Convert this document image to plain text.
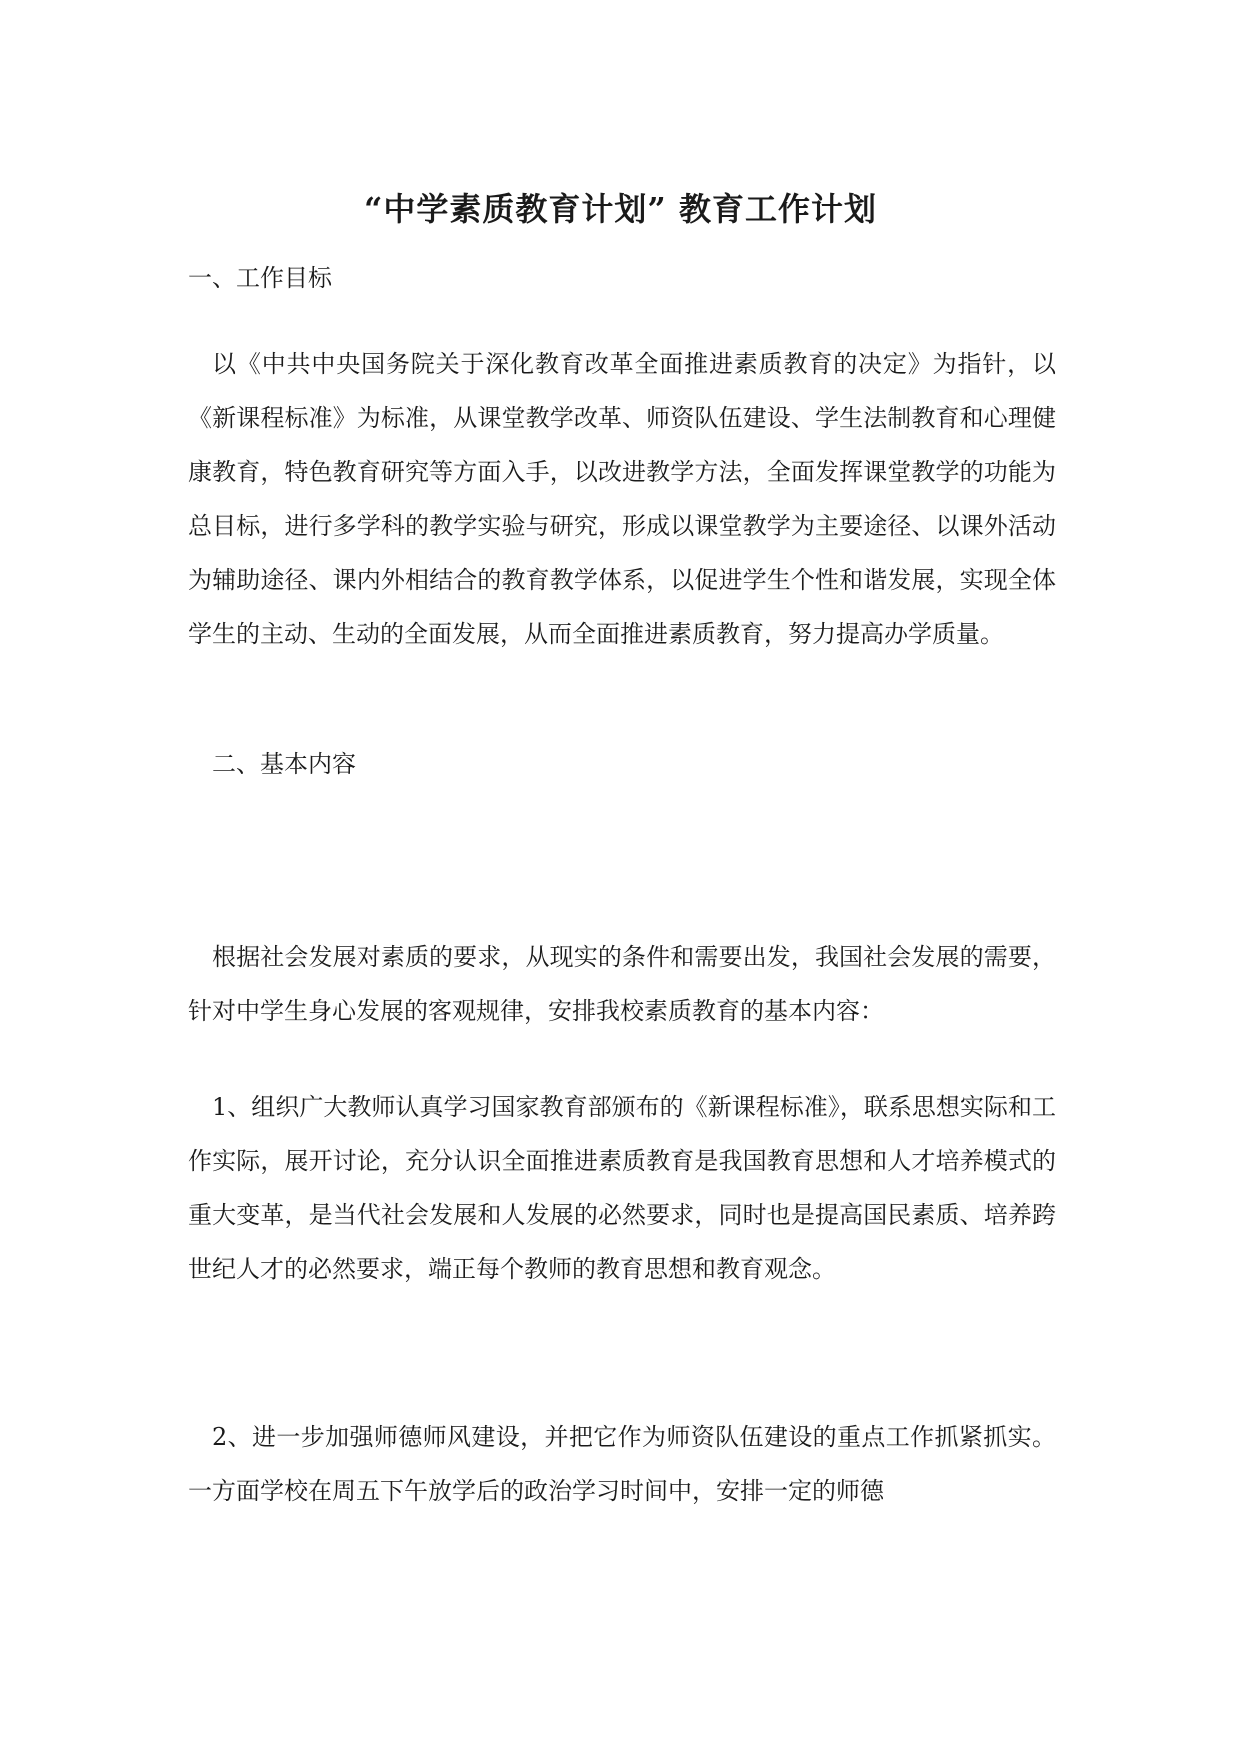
“中学素质教育计划” 教育工作计划

一、工作目标

以《中共中央国务院关于深化教育改革全面推进素质教育的决定》为指针，以《新课程标准》为标准，从课堂教学改革、师资队伍建设、学生法制教育和心理健康教育，特色教育研究等方面入手，以改进教学方法，全面发挥课堂教学的功能为总目标，进行多学科的教学实验与研究，形成以课堂教学为主要途径、以课外活动为辅助途径、课内外相结合的教育教学体系，以促进学生个性和谐发展，实现全体学生的主动、生动的全面发展，从而全面推进素质教育，努力提高办学质量。

二、基本内容

根据社会发展对素质的要求，从现实的条件和需要出发，我国社会发展的需要，针对中学生身心发展的客观规律，安排我校素质教育的基本内容：

1、组织广大教师认真学习国家教育部颁布的《新课程标准》，联系思想实际和工作实际，展开讨论，充分认识全面推进素质教育是我国教育思想和人才培养模式的重大变革，是当代社会发展和人发展的必然要求，同时也是提高国民素质、培养跨世纪人才的必然要求，端正每个教师的教育思想和教育观念。

2、进一步加强师德师风建设，并把它作为师资队伍建设的重点工作抓紧抓实。一方面学校在周五下午放学后的政治学习时间中，安排一定的师德
